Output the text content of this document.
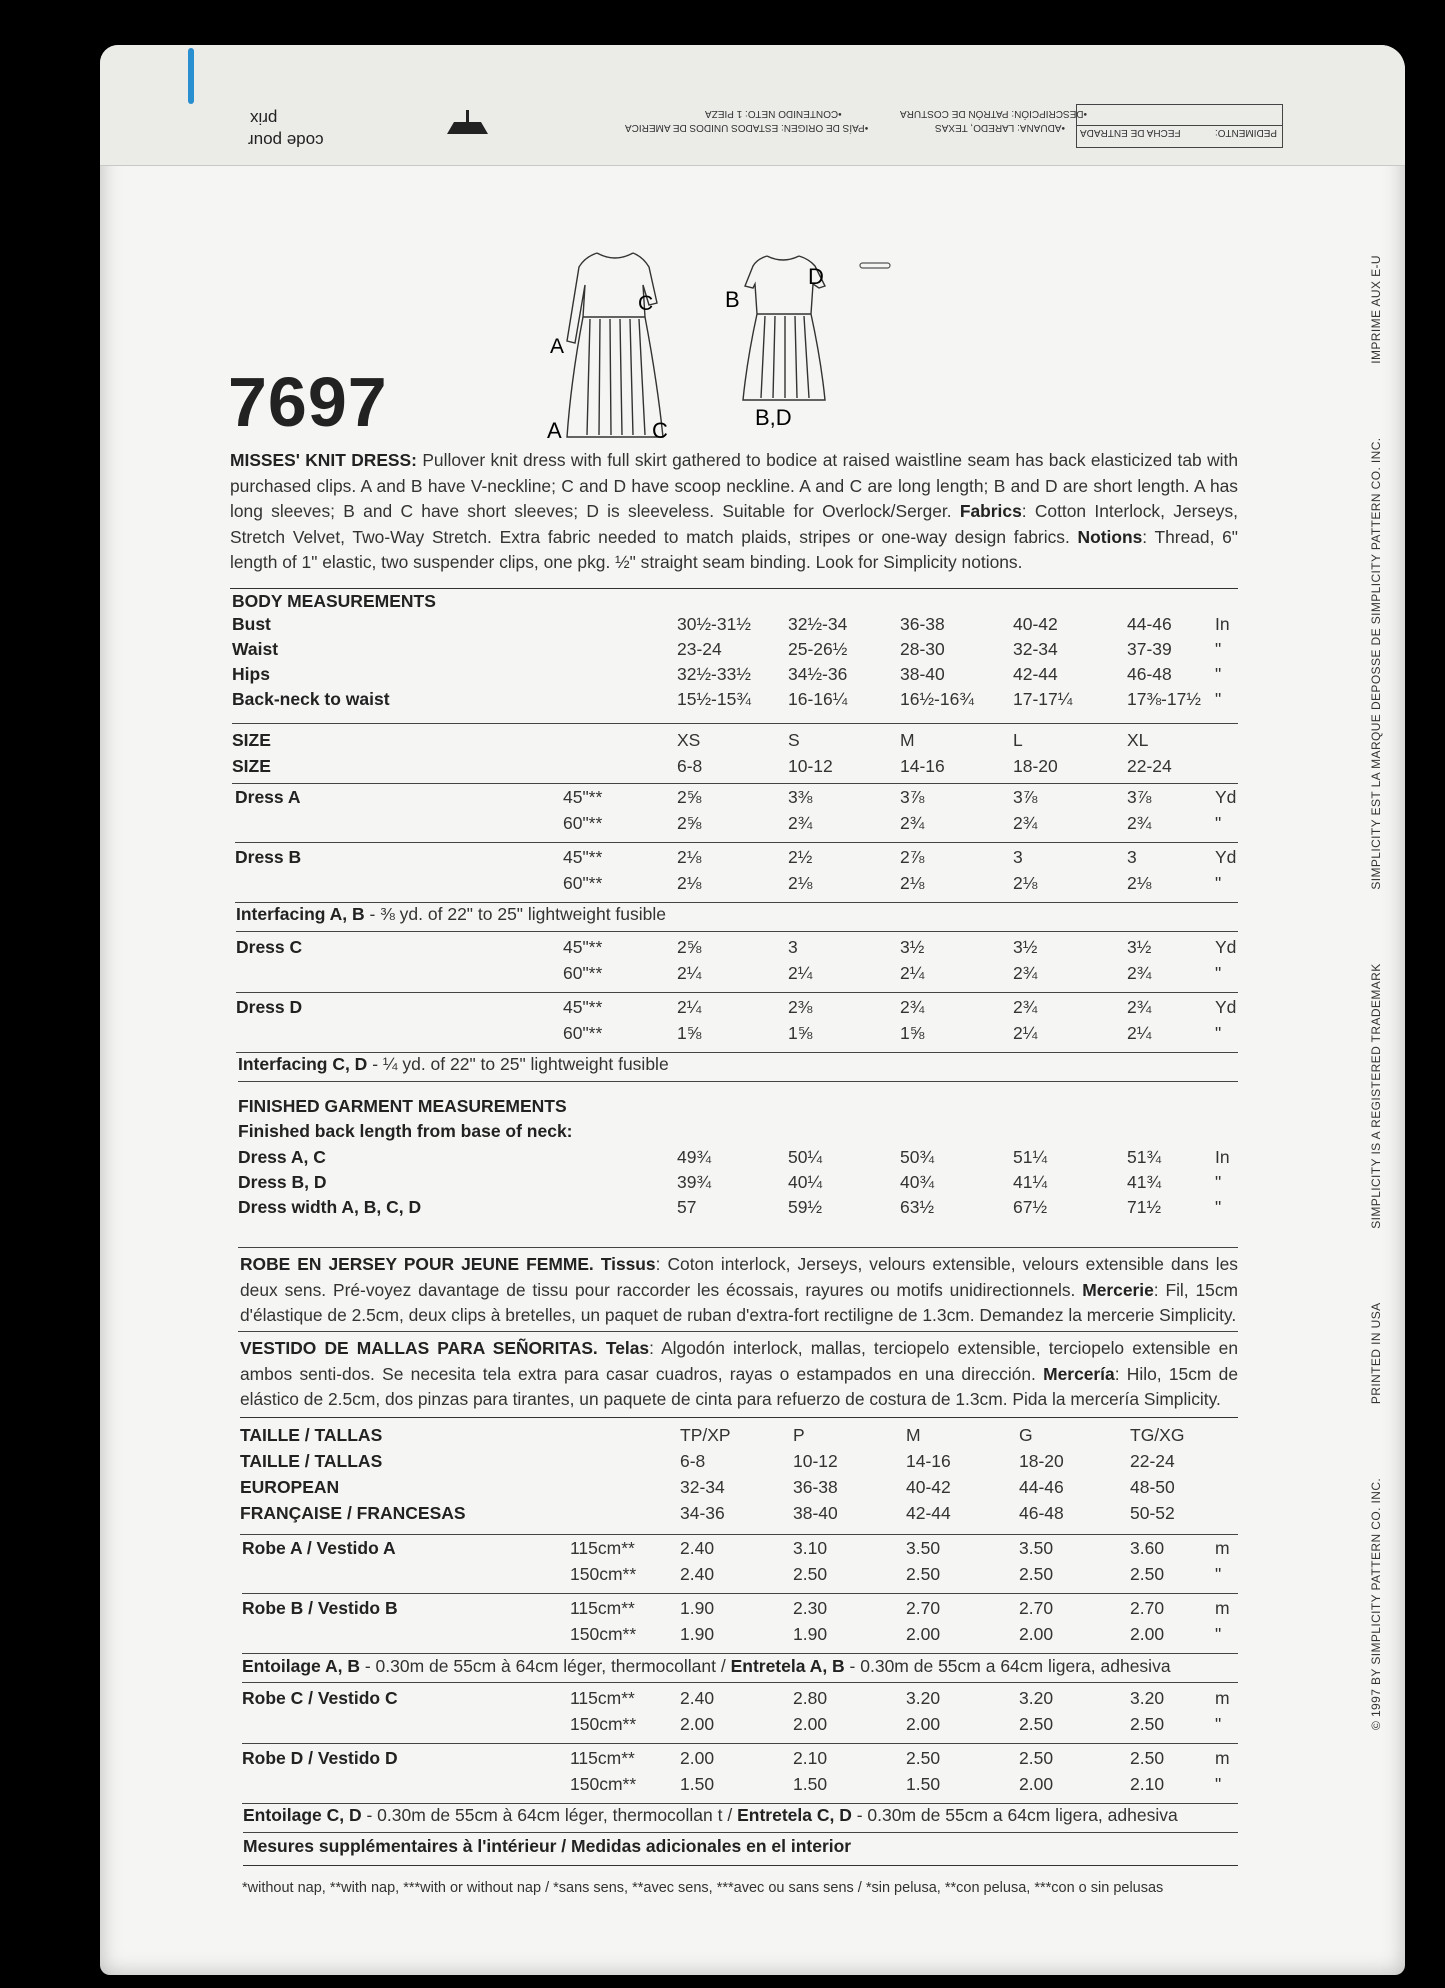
PEDIMENTO:
FECHA DE ENTRADA
•DESCRIPCIÓN: PATRÓN DE COSTURA
•ADUANA: LAREDO, TEXAS
•CONTENIDO NETO: 1 PIEZA
•PAÍS DE ORIGEN: ESTADOS UNIDOS DE AMERICA
prix
code pour
© 1997 BY SIMPLICITY PATTERN CO. INC. PRINTED IN USA SIMPLICITY IS A REGISTERED TRADEMARK SIMPLICITY EST LA MARQUE DEPOSSE DE SIMPLICITY PATTERN CO. INC. IMPRIME AUX E-U
C
A
A	C
B
D
B,D
7697
MISSES' KNIT DRESS: Pullover knit dress with full skirt gathered to bodice at raised waistline seam has back elasticized tab with purchased clips. A and B have V-neckline; C and D have scoop neckline. A and C are long length; B and D are short length. A has long sleeves; B and C have short sleeves; D is sleeveless. Suitable for Overlock/Serger. Fabrics: Cotton Interlock, Jerseys, Stretch Velvet, Two-Way Stretch. Extra fabric needed to match plaids, stripes or one-way design fabrics. Notions: Thread, 6" length of 1" elastic, two suspender clips, one pkg. ½" straight seam binding. Look for Simplicity notions.
ROBE EN JERSEY POUR JEUNE FEMME. Tissus: Coton interlock, Jerseys, velours extensible, velours extensible dans les deux sens. Pré-voyez davantage de tissu pour raccorder les écossais, rayures ou motifs unidirectionnels. Mercerie: Fil, 15cm d'élastique de 2.5cm, deux clips à bretelles, un paquet de ruban d'extra-fort rectiligne de 1.3cm. Demandez la mercerie Simplicity.
VESTIDO DE MALLAS PARA SEÑORITAS. Telas: Algodón interlock, mallas, terciopelo extensible, terciopelo extensible en ambos senti-dos. Se necesita tela extra para casar cuadros, rayas o estampados en una dirección. Mercería: Hilo, 15cm de elástico de 2.5cm, dos pinzas para tirantes, un paquete de cinta para refuerzo de costura de 1.3cm. Pida la mercería Simplicity.
*without nap, **with nap, ***with or without nap / *sans sens, **avec sens, ***avec ou sans sens / *sin pelusa, **con pelusa, ***con o sin pelusas
BODY MEASUREMENTS
Bust	30½-31½ 32½-34	36-38	40-42	44-46 In
Waist	23-24	25-26½	28-30	32-34	37-39 "
Hips	32½-33½ 34½-36	38-40	42-44	46-48 "
Back-neck to waist	15½-15¾ 16-16¼	16½-16¾ 17-17¼	17⅜-17½ "
SIZE	XS	S	M	L	XL
SIZE	6-8	10-12	14-16	18-20	22-24
Dress A	45"**	2⅝	3⅜	3⅞	3⅞	3⅞	Yd
60"**	2⅝	2¾	2¾	2¾	2¾	"
Dress B	45"**	2⅛	2½	2⅞	3	3	Yd
60"**	2⅛	2⅛	2⅛	2⅛	2⅛	"
Interfacing A, B - ⅜ yd. of 22" to 25" lightweight fusible
Dress C	45"**	2⅝	3	3½	3½	3½	Yd
60"**	2¼	2¼	2¼	2¾	2¾	"
Dress D	45"**	2¼	2⅜	2¾	2¾	2¾	Yd
60"**	1⅝	1⅝	1⅝	2¼	2¼	"
Interfacing C, D - ¼ yd. of 22" to 25" lightweight fusible
FINISHED GARMENT MEASUREMENTS
Finished back length from base of neck:
Dress A, C	49¾	50¼	50¾	51¼	51¾	In
Dress B, D	39¾	40¼	40¾	41¼	41¾	"
Dress width A, B, C, D	57	59½	63½	67½	71½	"
TAILLE / TALLAS	TP/XP	P	M	G	TG/XG
TAILLE / TALLAS	6-8	10-12	14-16	18-20	22-24
EUROPEAN	32-34	36-38	40-42	44-46	48-50
FRANÇAISE / FRANCESAS	34-36	38-40	42-44	46-48	50-52
Robe A / Vestido A	115cm**	2.40	3.10	3.50	3.50	3.60	m
150cm**	2.40	2.50	2.50	2.50	2.50	"
Robe B / Vestido B	115cm**	1.90	2.30	2.70	2.70	2.70	m
150cm**	1.90	1.90	2.00	2.00	2.00	"
Entoilage A, B - 0.30m de 55cm à 64cm léger, thermocollant / Entretela A, B - 0.30m de 55cm a 64cm ligera, adhesiva
Robe C / Vestido C	115cm**	2.40	2.80	3.20	3.20	3.20	m
150cm**	2.00	2.00	2.00	2.50	2.50	"
Robe D / Vestido D	115cm**	2.00	2.10	2.50	2.50	2.50	m
150cm**	1.50	1.50	1.50	2.00	2.10	"
Entoilage C, D - 0.30m de 55cm à 64cm léger, thermocollan t / Entretela C, D - 0.30m de 55cm a 64cm ligera, adhesiva
Mesures supplémentaires à l'intérieur / Medidas adicionales en el interior
